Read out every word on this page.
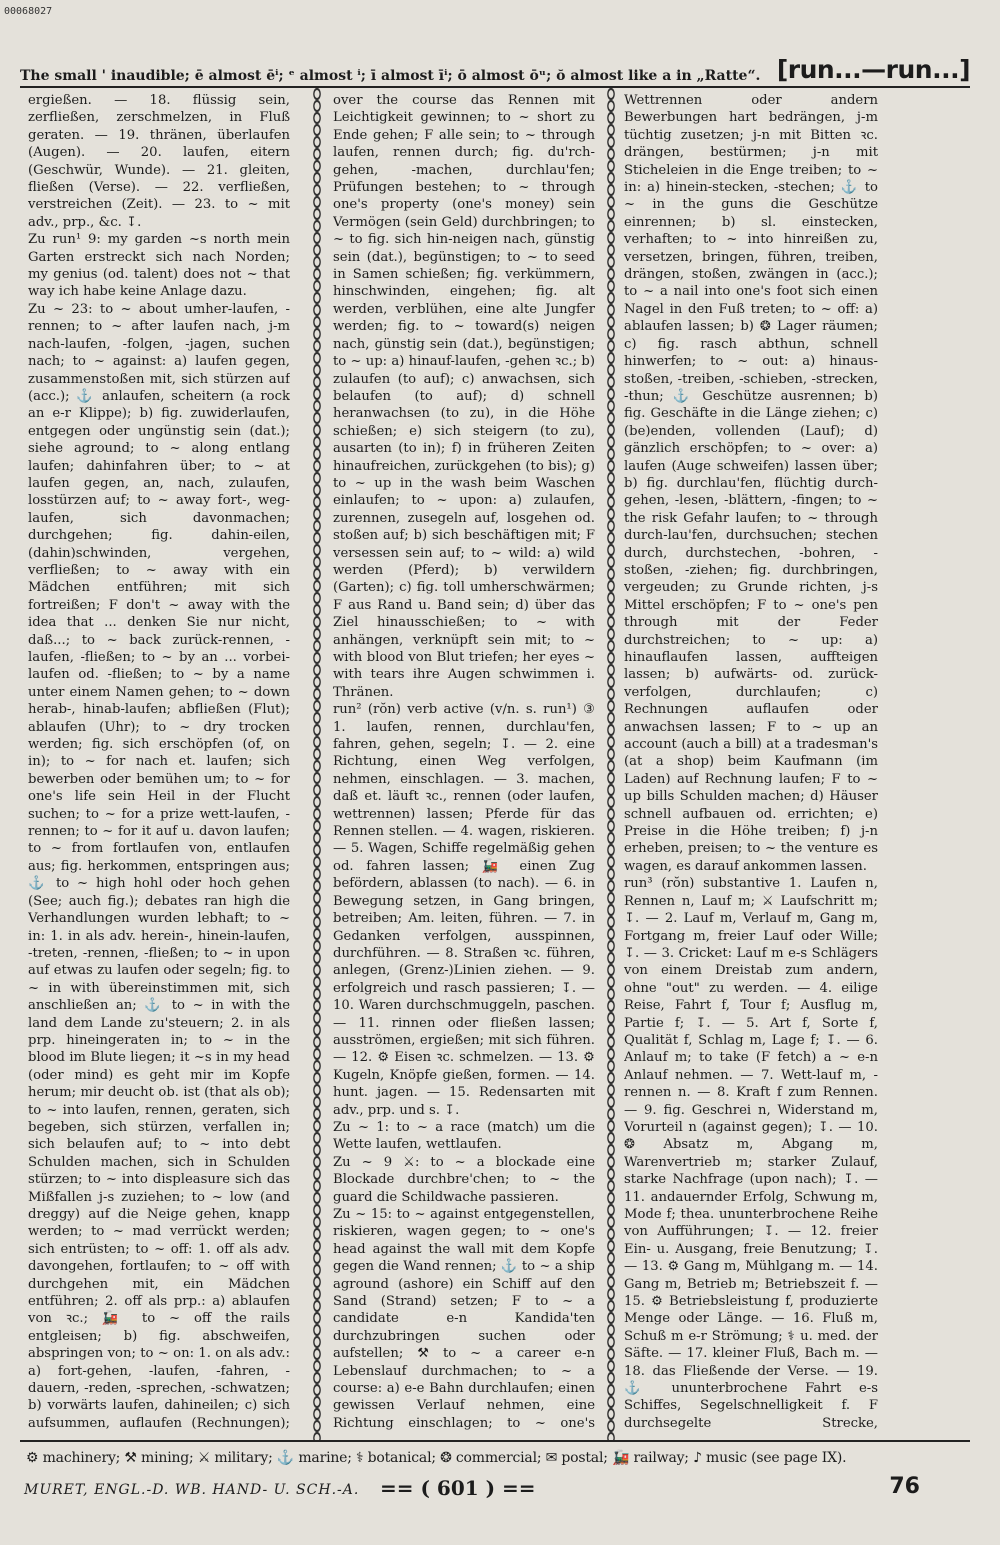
00068027
The small ' inaudible; ē almost ēⁱ; ᵉ almost ⁱ; ī almost īⁱ; ō almost ōᵘ; ŏ almost like a in „Ratte“. [run...—run...]

ergießen. — 18. flüssig sein, zerfließen, zerschmelzen, in Fluß geraten. — 19. thränen, überlaufen (Augen). — 20. laufen, eitern (Geschwür, Wunde). — 21. gleiten, fließen (Verse). — 22. verfließen, verstreichen (Zeit). — 23. to ~ mit adv., prp., &c. ↧.

Zu run¹ 9: my garden ~s north mein Garten erstreckt sich nach Norden; my genius (od. talent) does not ~ that way ich habe keine Anlage dazu.

Zu ~ 23: to ~ about umher-laufen, -rennen; to ~ after laufen nach, j-m nach-laufen, -folgen, -jagen, suchen nach; to ~ against: a) laufen gegen, zusammenstoßen mit, sich stürzen auf (acc.); ⚓ anlaufen, scheitern (a rock an e-r Klippe); b) fig. zuwiderlaufen, entgegen oder ungünstig sein (dat.); siehe aground; to ~ along entlang laufen; dahinfahren über; to ~ at laufen gegen, an, nach, zulaufen, losstürzen auf; to ~ away fort-, weg-laufen, sich davonmachen; durchgehen; fig. dahin-eilen, (dahin)schwinden, vergehen, verfließen; to ~ away with ein Mädchen entführen; mit sich fortreißen; F don't ~ away with the idea that ... denken Sie nur nicht, daß...; to ~ back zurück-rennen, -laufen, -fließen; to ~ by an ... vorbei-laufen od. -fließen; to ~ by a name unter einem Namen gehen; to ~ down herab-, hinab-laufen; abfließen (Flut); ablaufen (Uhr); to ~ dry trocken werden; fig. sich erschöpfen (of, on in); to ~ for nach et. laufen; sich bewerben oder bemühen um; to ~ for one's life sein Heil in der Flucht suchen; to ~ for a prize wett-laufen, -rennen; to ~ for it auf u. davon laufen; to ~ from fortlaufen von, entlaufen aus; fig. herkommen, entspringen aus; ⚓ to ~ high hohl oder hoch gehen (See; auch fig.); debates ran high die Verhandlungen wurden lebhaft; to ~ in: 1. in als adv. herein-, hinein-laufen, -treten, -rennen, -fließen; to ~ in upon auf etwas zu laufen oder segeln; fig. to ~ in with übereinstimmen mit, sich anschließen an; ⚓ to ~ in with the land dem Lande zu'steuern; 2. in als prp. hineingeraten in; to ~ in the blood im Blute liegen; it ~s in my head (oder mind) es geht mir im Kopfe herum; mir deucht ob. ist (that als ob); to ~ into laufen, rennen, geraten, sich begeben, sich stürzen, verfallen in; sich belaufen auf; to ~ into debt Schulden machen, sich in Schulden stürzen; to ~ into displeasure sich das Mißfallen j-s zuziehen; to ~ low (and dreggy) auf die Neige gehen, knapp werden; to ~ mad verrückt werden; sich entrüsten; to ~ off: 1. off als adv. davongehen, fortlaufen; to ~ off with durchgehen mit, ein Mädchen entführen; 2. off als prp.: a) ablaufen von ꝛc.; 🚂 to ~ off the rails entgleisen; b) fig. abschweifen, abspringen von; to ~ on: 1. on als adv.: a) fort-gehen, -laufen, -fahren, -dauern, -reden, -sprechen, -schwatzen; b) vorwärts laufen, dahineilen; c) sich aufsummen, auflaufen (Rechnungen);

over the course das Rennen mit Leichtigkeit gewinnen; to ~ short zu Ende gehen; F alle sein; to ~ through laufen, rennen durch; fig. du'rch-gehen, -machen, durchlau'fen; Prüfungen bestehen; to ~ through one's property (one's money) sein Vermögen (sein Geld) durchbringen; to ~ to fig. sich hin-neigen nach, günstig sein (dat.), begünstigen; to ~ to seed in Samen schießen; fig. verkümmern, hinschwinden, eingehen; fig. alt werden, verblühen, eine alte Jungfer werden; fig. to ~ toward(s) neigen nach, günstig sein (dat.), begünstigen; to ~ up: a) hinauf-laufen, -gehen ꝛc.; b) zulaufen (to auf); c) anwachsen, sich belaufen (to auf); d) schnell heranwachsen (to zu), in die Höhe schießen; e) sich steigern (to zu), ausarten (to in); f) in früheren Zeiten hinaufreichen, zurückgehen (to bis); g) to ~ up in the wash beim Waschen einlaufen; to ~ upon: a) zulaufen, zurennen, zusegeln auf, losgehen od. stoßen auf; b) sich beschäftigen mit; F versessen sein auf; to ~ wild: a) wild werden (Pferd); b) verwildern (Garten); c) fig. toll umherschwärmen; F aus Rand u. Band sein; d) über das Ziel hinausschießen; to ~ with anhängen, verknüpft sein mit; to ~ with blood von Blut triefen; her eyes ~ with tears ihre Augen schwimmen i. Thränen.

run² (rŏn) verb active (v/n. s. run¹) ③ 1. laufen, rennen, durchlau'fen, fahren, gehen, segeln; ↧. — 2. eine Richtung, einen Weg verfolgen, nehmen, einschlagen. — 3. machen, daß et. läuft ꝛc., rennen (oder laufen, wettrennen) lassen; Pferde für das Rennen stellen. — 4. wagen, riskieren. — 5. Wagen, Schiffe regelmäßig gehen od. fahren lassen; 🚂 einen Zug befördern, ablassen (to nach). — 6. in Bewegung setzen, in Gang bringen, betreiben; Am. leiten, führen. — 7. in Gedanken verfolgen, ausspinnen, durchführen. — 8. Straßen ꝛc. führen, anlegen, (Grenz-)Linien ziehen. — 9. erfolgreich und rasch passieren; ↧. — 10. Waren durchschmuggeln, paschen. — 11. rinnen oder fließen lassen; ausströmen, ergießen; mit sich führen. — 12. ⚙ Eisen ꝛc. schmelzen. — 13. ⚙ Kugeln, Knöpfe gießen, formen. — 14. hunt. jagen. — 15. Redensarten mit adv., prp. und s. ↧.

Zu ~ 1: to ~ a race (match) um die Wette laufen, wettlaufen.

Zu ~ 9 ⚔: to ~ a blockade eine Blockade durchbre'chen; to ~ the guard die Schildwache passieren.

Zu ~ 15: to ~ against entgegenstellen, riskieren, wagen gegen; to ~ one's head against the wall mit dem Kopfe gegen die Wand rennen; ⚓ to ~ a ship aground (ashore) ein Schiff auf den Sand (Strand) setzen; F to ~ a candidate e-n Kandida'ten durchzubringen suchen oder aufstellen; ⚒ to ~ a career e-n Lebenslauf durchmachen; to ~ a course: a) e-e Bahn durchlaufen; einen gewissen Verlauf nehmen, eine Richtung einschlagen; to ~ one's

Wettrennen oder andern Bewerbungen hart bedrängen, j-m tüchtig zusetzen; j-n mit Bitten ꝛc. drängen, bestürmen; j-n mit Sticheleien in die Enge treiben; to ~ in: a) hinein-stecken, -stechen; ⚓ to ~ in the guns die Geschütze einrennen; b) sl. einstecken, verhaften; to ~ into hinreißen zu, versetzen, bringen, führen, treiben, drängen, stoßen, zwängen in (acc.); to ~ a nail into one's foot sich einen Nagel in den Fuß treten; to ~ off: a) ablaufen lassen; b) ❂ Lager räumen; c) fig. rasch abthun, schnell hinwerfen; to ~ out: a) hinaus-stoßen, -treiben, -schieben, -strecken, -thun; ⚓ Geschütze ausrennen; b) fig. Geschäfte in die Länge ziehen; c) (be)enden, vollenden (Lauf); d) gänzlich erschöpfen; to ~ over: a) laufen (Auge schweifen) lassen über; b) fig. durchlau'fen, flüchtig durch-gehen, -lesen, -blättern, -fingen; to ~ the risk Gefahr laufen; to ~ through durch-lau'fen, durchsuchen; stechen durch, durchstechen, -bohren, -stoßen, -ziehen; fig. durchbringen, vergeuden; zu Grunde richten, j-s Mittel erschöpfen; F to ~ one's pen through mit der Feder durchstreichen; to ~ up: a) hinauflaufen lassen, auffteigen lassen; b) aufwärts- od. zurück-verfolgen, durchlaufen; c) Rechnungen auflaufen oder anwachsen lassen; F to ~ up an account (auch a bill) at a tradesman's (at a shop) beim Kaufmann (im Laden) auf Rechnung laufen; F to ~ up bills Schulden machen; d) Häuser schnell aufbauen od. errichten; e) Preise in die Höhe treiben; f) j-n erheben, preisen; to ~ the venture es wagen, es darauf ankommen lassen.

run³ (rŏn) substantive 1. Laufen n, Rennen n, Lauf m; ⚔ Laufschritt m; ↧. — 2. Lauf m, Verlauf m, Gang m, Fortgang m, freier Lauf oder Wille; ↧. — 3. Cricket: Lauf m e-s Schlägers von einem Dreistab zum andern, ohne "out" zu werden. — 4. eilige Reise, Fahrt f, Tour f; Ausflug m, Partie f; ↧. — 5. Art f, Sorte f, Qualität f, Schlag m, Lage f; ↧. — 6. Anlauf m; to take (F fetch) a ~ e-n Anlauf nehmen. — 7. Wett-lauf m, -rennen n. — 8. Kraft f zum Rennen. — 9. fig. Geschrei n, Widerstand m, Vorurteil n (against gegen); ↧. — 10. ❂ Absatz m, Abgang m, Warenvertrieb m; starker Zulauf, starke Nachfrage (upon nach); ↧. — 11. andauernder Erfolg, Schwung m, Mode f; thea. ununterbrochene Reihe von Aufführungen; ↧. — 12. freier Ein- u. Ausgang, freie Benutzung; ↧. — 13. ⚙ Gang m, Mühlgang m. — 14. Gang m, Betrieb m; Betriebszeit f. — 15. ⚙ Betriebsleistung f, produzierte Menge oder Länge. — 16. Fluß m, Schuß m e-r Strömung; ⚕ u. med. der Säfte. — 17. kleiner Fluß, Bach m. — 18. das Fließende der Verse. — 19. ⚓ ununterbrochene Fahrt e-s Schiffes, Segelschnelligkeit f. F durchsegelte Strecke,

⚙ machinery; ⚒ mining; ⚔ military; ⚓ marine; ⚕ botanical; ❂ commercial; ✉ postal; 🚂 railway; ♪ music (see page IX).
MURET, ENGL.-D. WB. HAND- U. SCH.-A. == ( 601 ) ==	76
